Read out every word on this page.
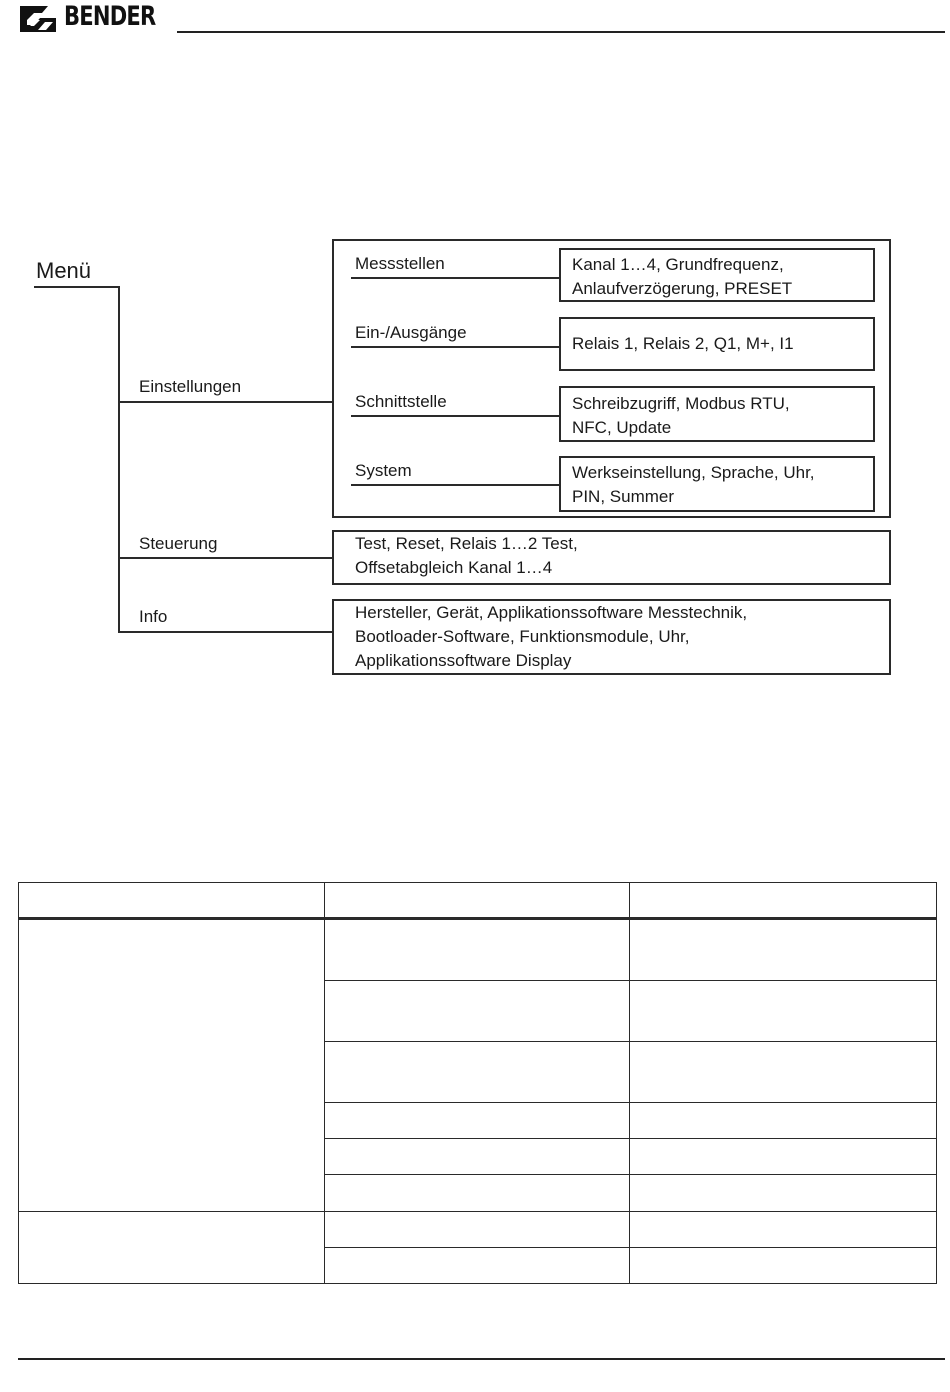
BENDER
Menü
Einstellungen
Messstellen	Kanal 1…4, Grundfrequenz,
Anlaufverzögerung, PRESET
Ein-/Ausgänge
Relais 1, Relais 2, Q1, M+, I1
Schnittstelle	Schreibzugriff, Modbus RTU,
NFC, Update
System	Werkseinstellung, Sprache, Uhr,
PIN, Summer
Steuerung	Test, Reset, Relais 1…2 Test,
Offsetabgleich Kanal 1…4
Info	Hersteller, Gerät, Applikationssoftware Messtechnik,
Bootloader-Software, Funktionsmodule, Uhr,
Applikationssoftware Display
